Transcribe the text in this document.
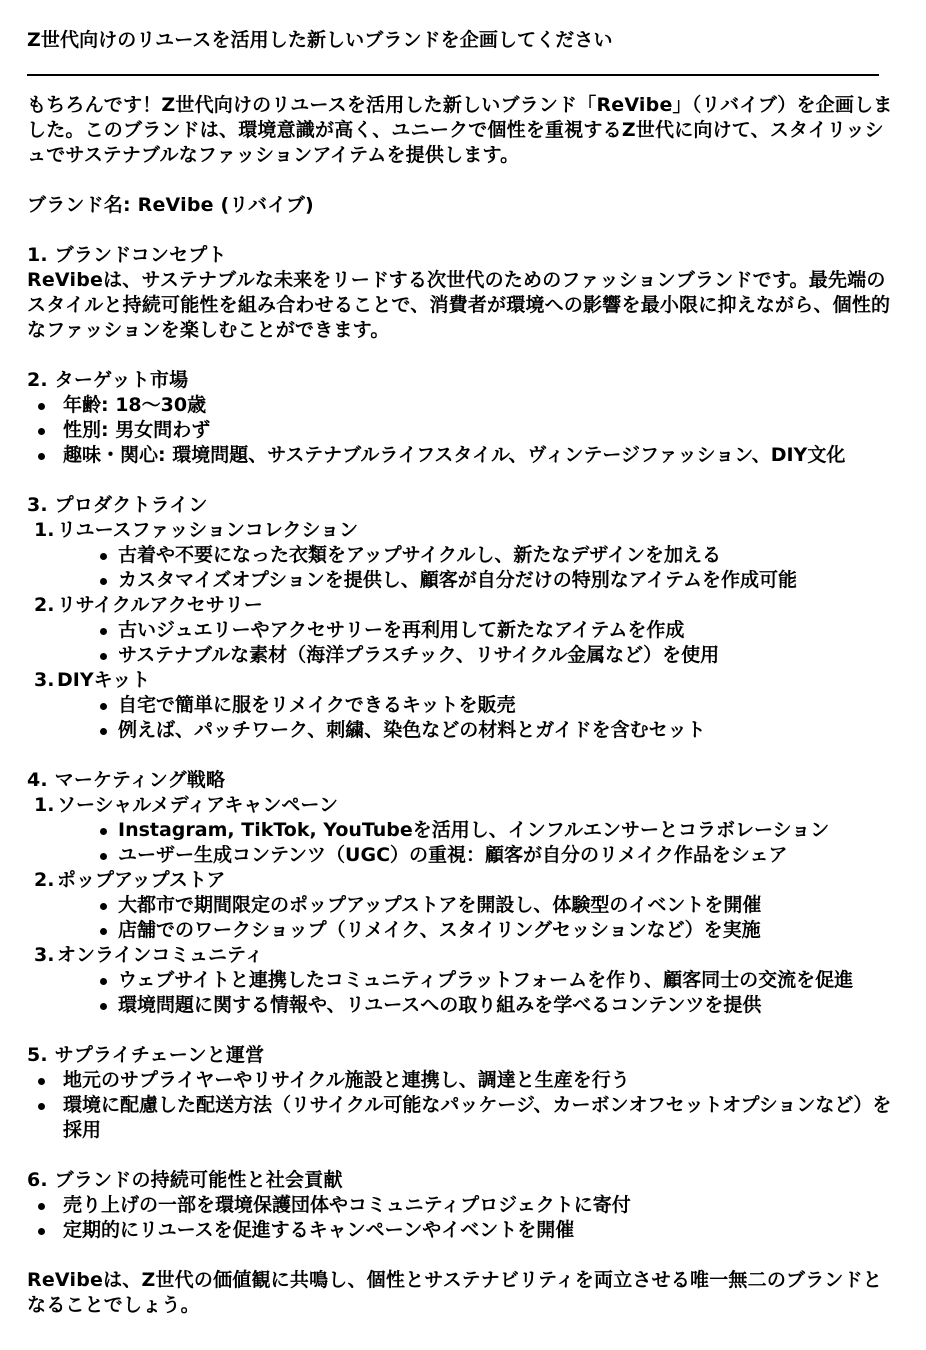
Z世代向けのリユースを活用した新しいブランドを企画してください

もちろんです！Z世代向けのリユースを活用した新しいブランド「ReVibe」（リバイブ）を企画しました。このブランドは、環境意識が高く、ユニークで個性を重視するZ世代に向けて、スタイリッシュでサステナブルなファッションアイテムを提供します。

ブランド名: ReVibe (リバイブ)

1. ブランドコンセプト

ReVibeは、サステナブルな未来をリードする次世代のためのファッションブランドです。最先端のスタイルと持続可能性を組み合わせることで、消費者が環境への影響を最小限に抑えながら、個性的なファッションを楽しむことができます。

2. ターゲット市場

年齢: 18〜30歳
性別: 男女問わず
趣味・関心: 環境問題、サステナブルライフスタイル、ヴィンテージファッション、DIY文化

3. プロダクトライン

1. リユースファッションコレクション
古着や不要になった衣類をアップサイクルし、新たなデザインを加える
カスタマイズオプションを提供し、顧客が自分だけの特別なアイテムを作成可能
2. リサイクルアクセサリー
古いジュエリーやアクセサリーを再利用して新たなアイテムを作成
サステナブルな素材（海洋プラスチック、リサイクル金属など）を使用
3. DIYキット
自宅で簡単に服をリメイクできるキットを販売
例えば、パッチワーク、刺繍、染色などの材料とガイドを含むセット

4. マーケティング戦略

1. ソーシャルメディアキャンペーン
Instagram, TikTok, YouTubeを活用し、インフルエンサーとコラボレーション
ユーザー生成コンテンツ（UGC）の重視：顧客が自分のリメイク作品をシェア
2. ポップアップストア
大都市で期間限定のポップアップストアを開設し、体験型のイベントを開催
店舗でのワークショップ（リメイク、スタイリングセッションなど）を実施
3. オンラインコミュニティ
ウェブサイトと連携したコミュニティプラットフォームを作り、顧客同士の交流を促進
環境問題に関する情報や、リユースへの取り組みを学べるコンテンツを提供

5. サプライチェーンと運営

地元のサプライヤーやリサイクル施設と連携し、調達と生産を行う
環境に配慮した配送方法（リサイクル可能なパッケージ、カーボンオフセットオプションなど）を採用

6. ブランドの持続可能性と社会貢献

売り上げの一部を環境保護団体やコミュニティプロジェクトに寄付
定期的にリユースを促進するキャンペーンやイベントを開催

ReVibeは、Z世代の価値観に共鳴し、個性とサステナビリティを両立させる唯一無二のブランドとなることでしょう。
